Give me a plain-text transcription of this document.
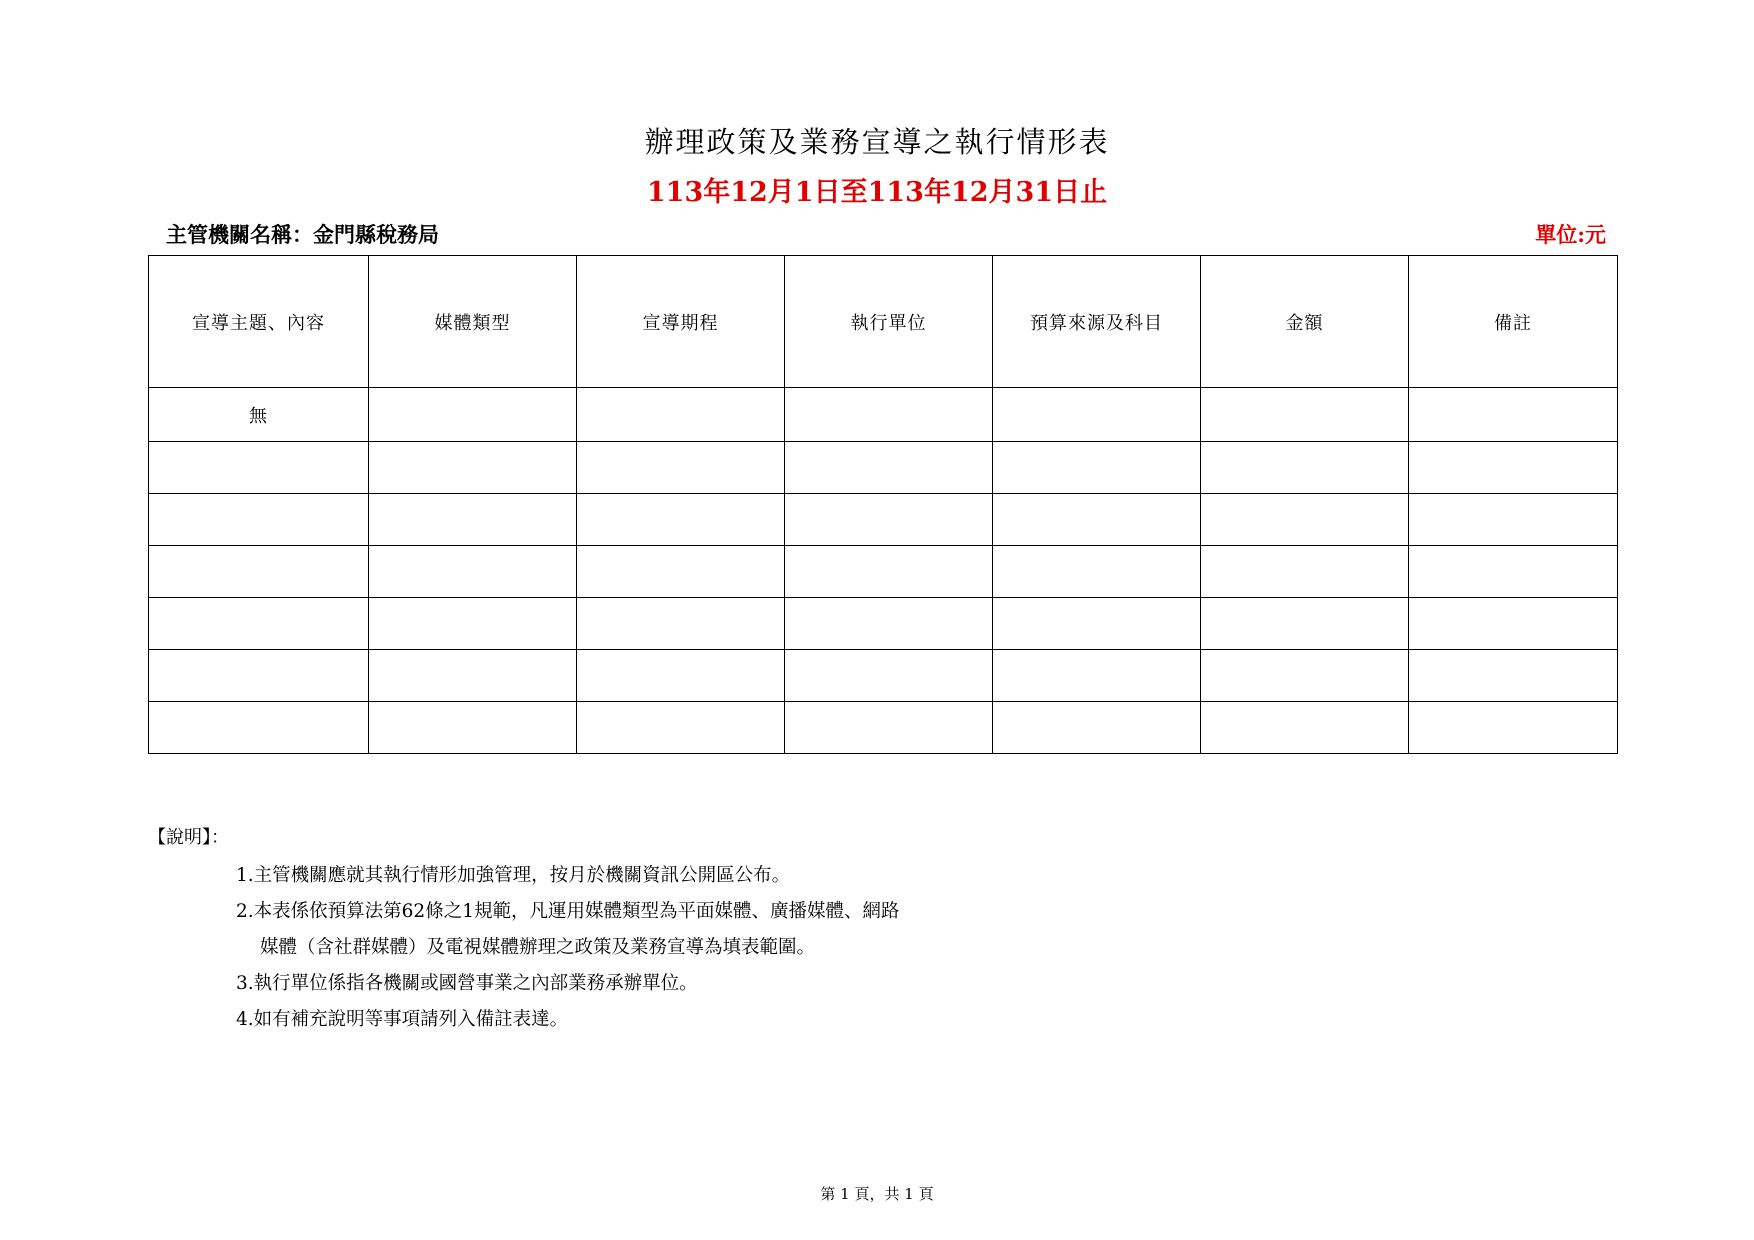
辦理政策及業務宣導之執行情形表
113年12月1日至113年12月31日止
主管機關名稱：金門縣稅務局	單位:元
宣導主題、內容	媒體類型	宣導期程	執行單位	預算來源及科目	金額	備註
無						

【說明】：
1.主管機關應就其執行情形加強管理，按月於機關資訊公開區公布。
2.本表係依預算法第62條之1規範，凡運用媒體類型為平面媒體、廣播媒體、網路
媒體（含社群媒體）及電視媒體辦理之政策及業務宣導為填表範圍。
3.執行單位係指各機關或國營事業之內部業務承辦單位。
4.如有補充說明等事項請列入備註表達。
第 1 頁，共 1 頁
